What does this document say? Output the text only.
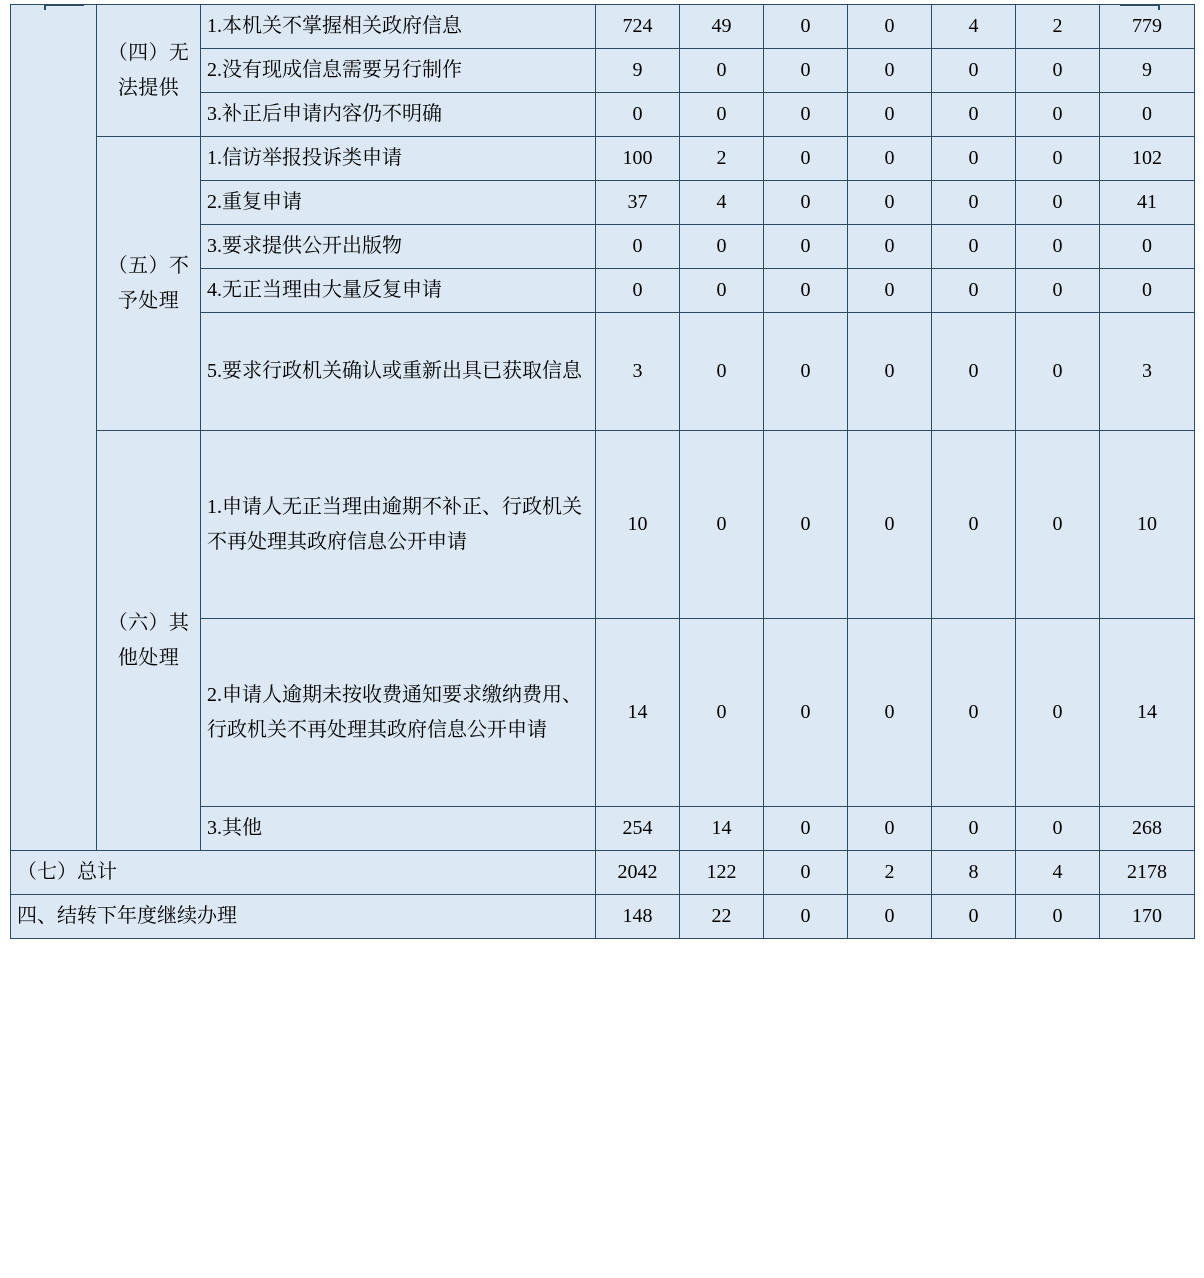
	（四）无
法提供	1.本机关不掌握相关政府信息	724	49	0	0	4	2	779
		2.没有现成信息需要另行制作	9	0	0	0	0	0	9
		3.补正后申请内容仍不明确	0	0	0	0	0	0	0

	（五）不
予处理	1.信访举报投诉类申请	100	2	0	0	0	0	102
		2.重复申请	37	4	0	0	0	0	41
		3.要求提供公开出版物	0	0	0	0	0	0	0
		4.无正当理由大量反复申请	0	0	0	0	0	0	0
		5.要求行政机关确认或重新出具已获取信息	3	0	0	0	0	0	3

	（六）其
他处理	1.申请人无正当理由逾期不补正、行政机关不再处理其政府信息公开申请	10	0	0	0	0	0	10
		2.申请人逾期未按收费通知要求缴纳费用、行政机关不再处理其政府信息公开申请	14	0	0	0	0	0	14
		3.其他	254	14	0	0	0	0	268
（七）总计			2042	122	0	2	8	4	2178
四、结转下年度继续办理			148	22	0	0	0	0	170
